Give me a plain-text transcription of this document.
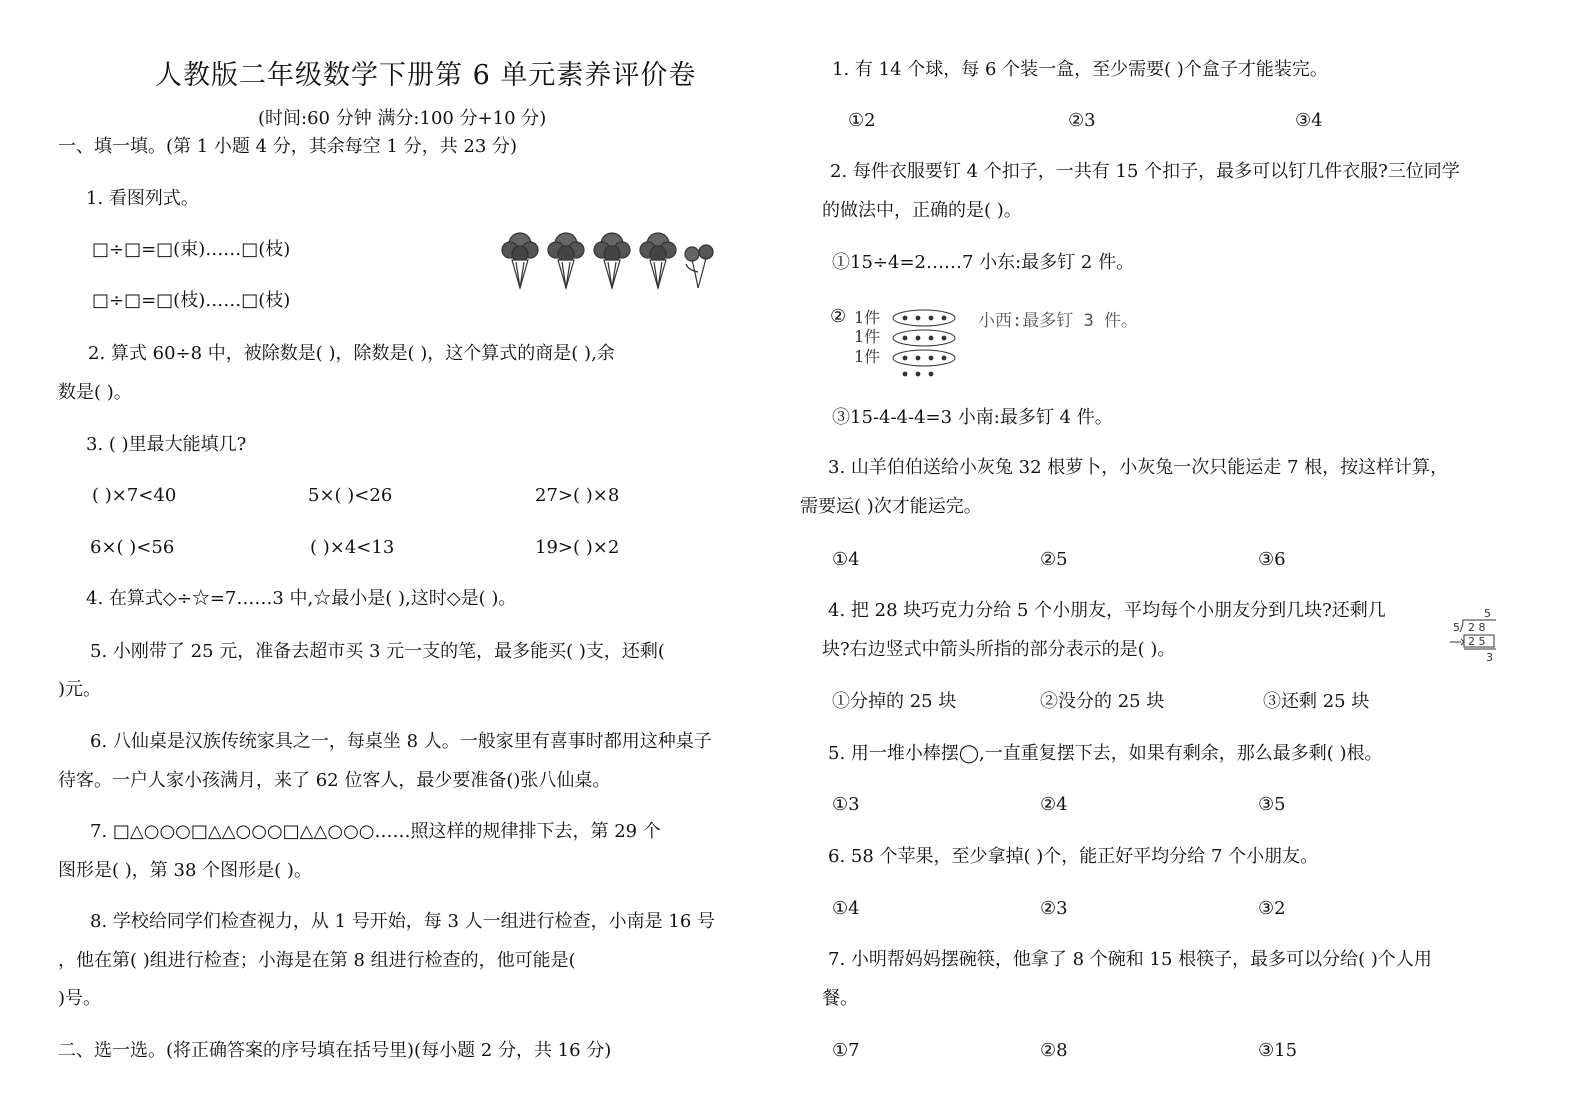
人教版二年级数学下册第 6 单元素养评价卷
(时间:60 分钟 满分:100 分+10 分)
一、填一填。(第 1 小题 4 分，其余每空 1 分，共 23 分)
1. 看图列式。
□÷□=□(束)……□(枝)
□÷□=□(枝)……□(枝)
2. 算式 60÷8 中，被除数是( )，除数是( )，这个算式的商是( ),余
数是( )。
3. ( )里最大能填几?
( )×7<40	5×( )<26	27>( )×8
6×( )<56	( )×4<13	19>( )×2
4. 在算式◇÷☆=7……3 中,☆最小是( ),这时◇是( )。
5. 小刚带了 25 元，准备去超市买 3 元一支的笔，最多能买( )支，还剩(
)元。
6. 八仙桌是汉族传统家具之一，每桌坐 8 人。一般家里有喜事时都用这种桌子
待客。一户人家小孩满月，来了 62 位客人，最少要准备()张八仙桌。
7. □△○○○□△△○○○□△△○○○……照这样的规律排下去，第 29 个
图形是( )，第 38 个图形是( )。
8. 学校给同学们检查视力，从 1 号开始，每 3 人一组进行检查，小南是 16 号
，他在第( )组进行检查；小海是在第 8 组进行检查的，他可能是(
)号。
二、选一选。(将正确答案的序号填在括号里)(每小题 2 分，共 16 分)
1. 有 14 个球，每 6 个装一盒，至少需要( )个盒子才能装完。
①2	②3	③4
2. 每件衣服要钉 4 个扣子，一共有 15 个扣子，最多可以钉几件衣服?三位同学
的做法中，正确的是( )。
①15÷4=2……7 小东:最多钉 2 件。
② 1件
1件
1件
小西:最多钉 3 件。
③15-4-4-4=3 小南:最多钉 4 件。
3. 山羊伯伯送给小灰兔 32 根萝卜，小灰兔一次只能运走 7 根，按这样计算，
需要运( )次才能运完。
①4	②5	③6
4. 把 28 块巧克力分给 5 个小朋友，平均每个小朋友分到几块?还剩几
块?右边竖式中箭头所指的部分表示的是( )。
5
5 2 8
2 5
3
①分掉的 25 块	②没分的 25 块	③还剩 25 块
5. 用一堆小棒摆◯,一直重复摆下去，如果有剩余，那么最多剩( )根。
①3	②4	③5
6. 58 个苹果，至少拿掉( )个，能正好平均分给 7 个小朋友。
①4	②3	③2
7. 小明帮妈妈摆碗筷，他拿了 8 个碗和 15 根筷子，最多可以分给( )个人用
餐。
①7	②8	③15
